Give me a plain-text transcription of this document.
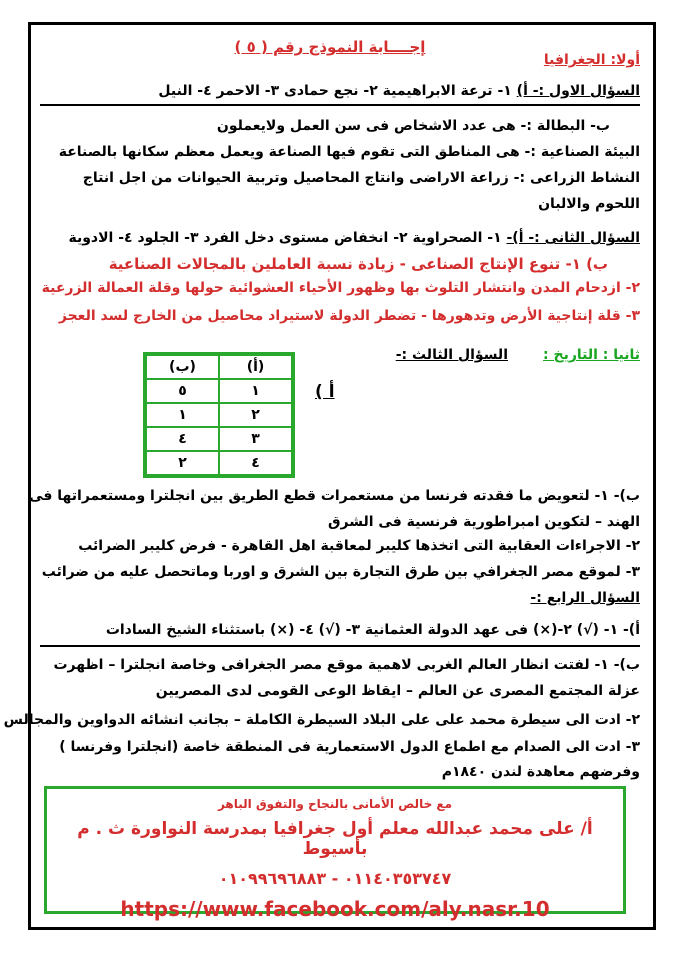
إجــــابة النموذج رقم ( ٥ )
أولا: الجغرافيا
السؤال الاول :- أ) ١- ترعة الابراهيمية ٢- نجع حمادى ٣- الاحمر ٤- النيل
ب- البطالة :- هى عدد الاشخاص فى سن العمل ولايعملون
البيئة الصناعية :- هى المناطق التى تقوم فيها الصناعة ويعمل معظم سكانها بالصناعة
النشاط الزراعى :- زراعة الاراضى وانتاج المحاصيل وتربية الحيوانات من اجل انتاج
اللحوم والالبان
السؤال الثانى :- أ)- ١- الصحراوية ٢- انخفاض مستوى دخل الفرد ٣- الجلود ٤- الادوية
ب) ١- تنوع الإنتاج الصناعى - زيادة نسبة العاملين بالمجالات الصناعية
٢- ازدحام المدن وانتشار التلوث بها وظهور الأحياء العشوائية حولها وقلة العمالة الزرعية
٣- قلة إنتاجية الأرض وتدهورها - تضطر الدولة لاستيراد محاصيل من الخارج لسد العجز
ثانيا : التاريخ :
السؤال الثالث :-
أ )
(ب)	(أ)
٥	١
١	٢
٤	٣
٢	٤
ب)- ١- لتعويض ما فقدته فرنسا من مستعمرات قطع الطريق بين انجلترا ومستعمراتها فى
الهند – لتكوين امبراطورية فرنسية فى الشرق
٢- الاجراءات العقابية التى اتخذها كليبر لمعاقبة اهل القاهرة - فرض كليبر الضرائب
٣- لموقع مصر الجغرافي بين طرق التجارة بين الشرق و اوربا وماتحصل عليه من ضرائب
السؤال الرابع :-
أ)- ١- (√) ٢-(×) فى عهد الدولة العثمانية ٣- (√) ٤- (×) باستثناء الشيخ السادات
ب)- ١- لفتت انظار العالم الغربى لاهمية موقع مصر الجغرافى وخاصة انجلترا – اظهرت
عزلة المجتمع المصرى عن العالم – ايقاظ الوعى القومى لدى المصريين
٢- ادت الى سيطرة محمد على على البلاد السيطرة الكاملة – بجانب انشائه الدواوين والمجالس
٣- ادت الى الصدام مع اطماع الدول الاستعمارية فى المنطقة خاصة (انجلترا وفرنسا )
وفرضهم معاهدة لندن ١٨٤٠م
مع خالص الأمانى بالنجاح والتفوق الباهر
أ/ على محمد عبدالله معلم أول جغرافيا بمدرسة النواورة ث . م بأسيوط
٠١١٤٠٣٥٣٧٤٧ - ٠١٠٩٩٦٩٦٨٨٣
https://www.facebook.com/aly.nasr.10
